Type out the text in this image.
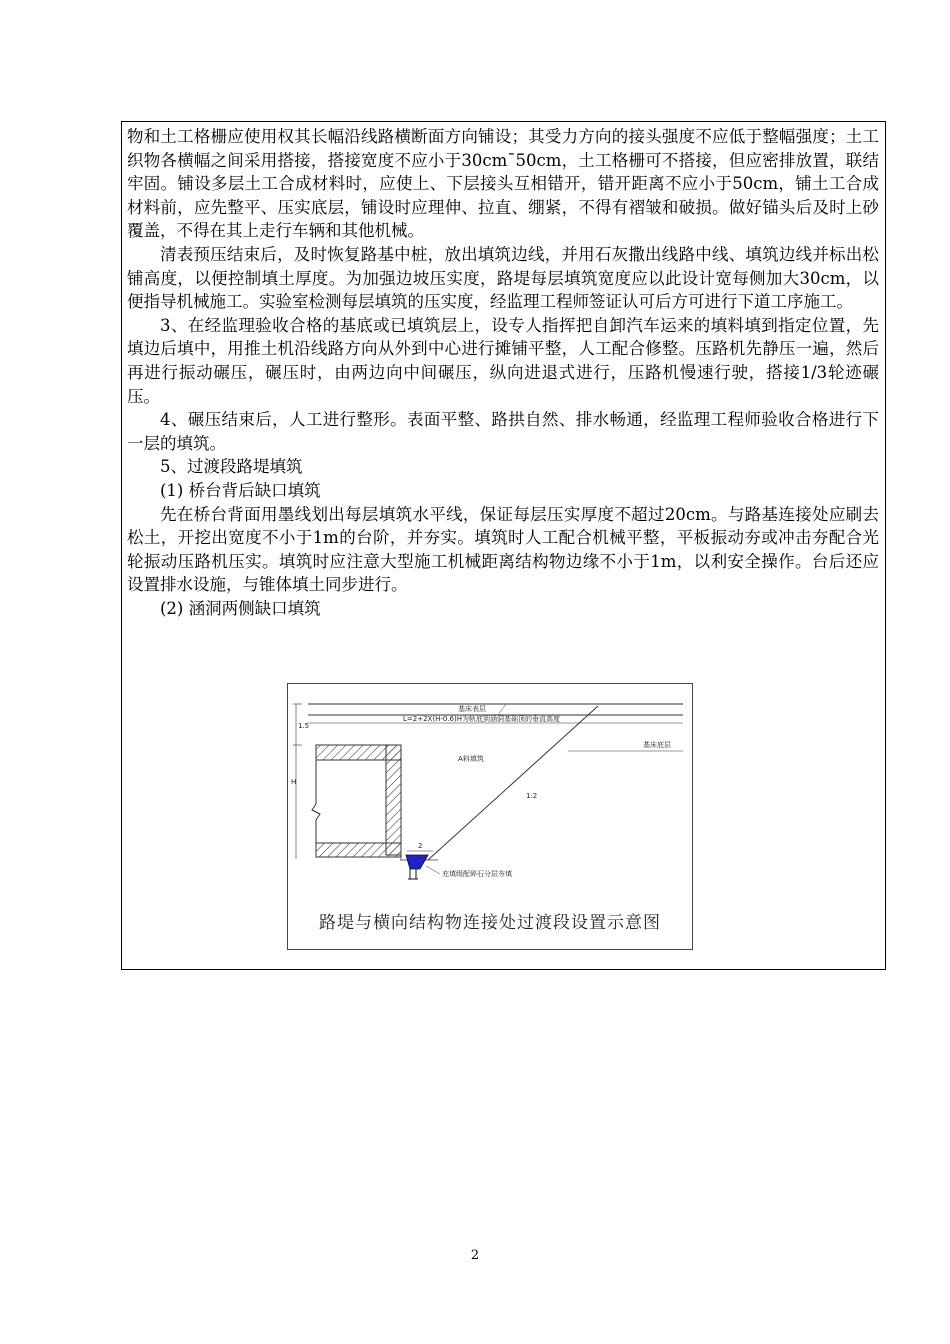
物和土工格栅应使用权其长幅沿线路横断面方向铺设；其受力方向的接头强度不应低于整幅强度；土工织物各横幅之间采用搭接，搭接宽度不应小于30cm¯50cm，土工格栅可不搭接，但应密排放置，联结牢固。铺设多层土工合成材料时，应使上、下层接头互相错开，错开距离不应小于50cm，铺土工合成材料前，应先整平、压实底层，铺设时应理伸、拉直、绷紧，不得有褶皱和破损。做好锚头后及时上砂覆盖，不得在其上走行车辆和其他机械。

清表预压结束后，及时恢复路基中桩，放出填筑边线，并用石灰撒出线路中线、填筑边线并标出松铺高度，以便控制填土厚度。为加强边坡压实度，路堤每层填筑宽度应以此设计宽每侧加大30cm，以便指导机械施工。实验室检测每层填筑的压实度，经监理工程师签证认可后方可进行下道工序施工。

3、在经监理验收合格的基底或已填筑层上，设专人指挥把自卸汽车运来的填料填到指定位置，先填边后填中，用推土机沿线路方向从外到中心进行摊铺平整，人工配合修整。压路机先静压一遍，然后再进行振动碾压，碾压时，由两边向中间碾压，纵向进退式进行，压路机慢速行驶，搭接1/3轮迹碾压。

4、碾压结束后，人工进行整形。表面平整、路拱自然、排水畅通，经监理工程师验收合格进行下一层的填筑。

5、过渡段路堤填筑

(1) 桥台背后缺口填筑

先在桥台背面用墨线划出每层填筑水平线，保证每层压实厚度不超过20cm。与路基连接处应刷去松土，开挖出宽度不小于1m的台阶，并夯实。填筑时人工配合机械平整，平板振动夯或冲击夯配合光轮振动压路机压实。填筑时应注意大型施工机械距离结构物边缘不小于1m，以利安全操作。台后还应设置排水设施，与锥体填土同步进行。

(2) 涵洞两侧缺口填筑

基床表层
L=2+2X(H-0.6)H为轨底到涵洞基础顶的垂直高度
基床底层
A料填筑
1:2
1.5
H
2
充填级配碎石分层夯填
路堤与横向结构物连接处过渡段设置示意图
2
